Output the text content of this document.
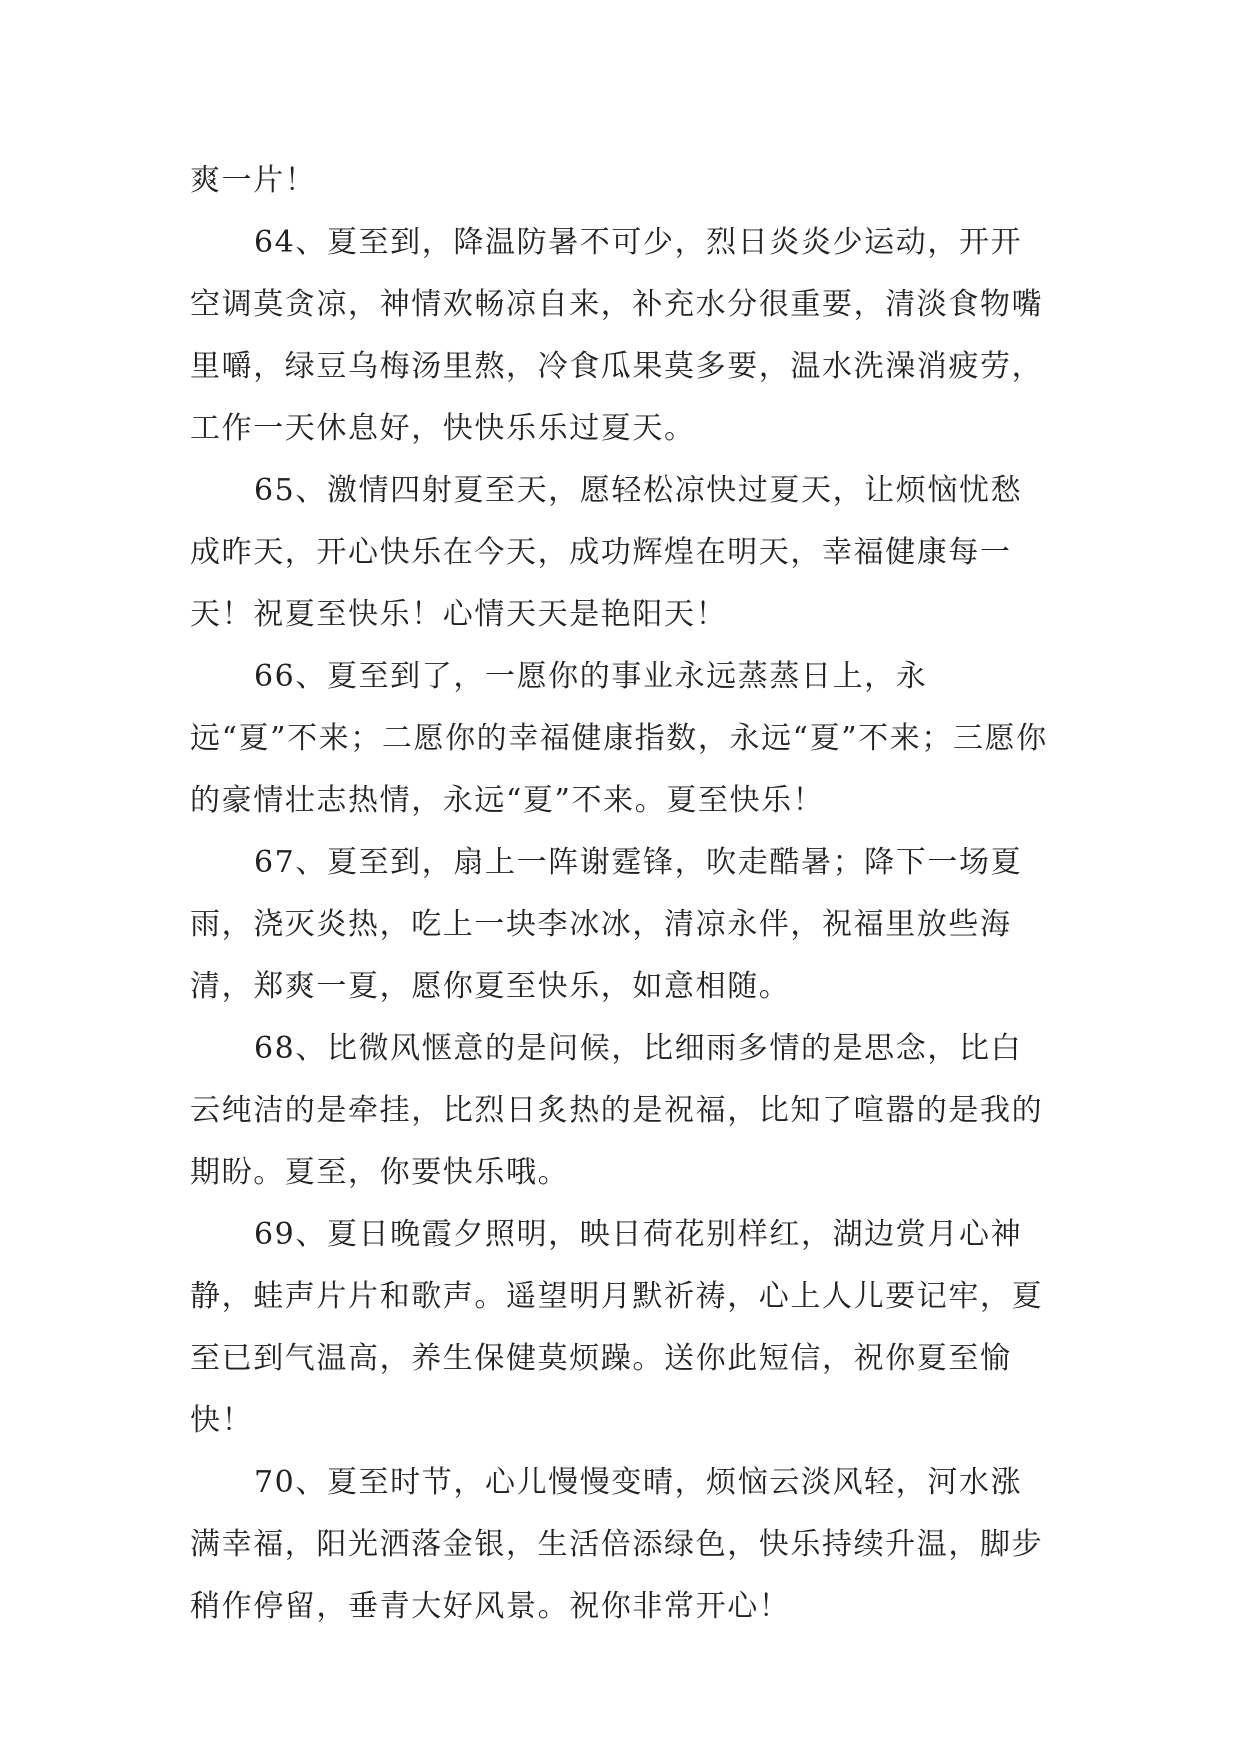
爽一片！

64、夏至到，降温防暑不可少，烈日炎炎少运动，开开空调莫贪凉，神情欢畅凉自来，补充水分很重要，清淡食物嘴里嚼，绿豆乌梅汤里熬，冷食瓜果莫多要，温水洗澡消疲劳，工作一天休息好，快快乐乐过夏天。

65、激情四射夏至天，愿轻松凉快过夏天，让烦恼忧愁成昨天，开心快乐在今天，成功辉煌在明天，幸福健康每一天！祝夏至快乐！心情天天是艳阳天！

66、夏至到了，一愿你的事业永远蒸蒸日上，永远“夏”不来；二愿你的幸福健康指数，永远“夏”不来；三愿你的豪情壮志热情，永远“夏”不来。夏至快乐！

67、夏至到，扇上一阵谢霆锋，吹走酷暑；降下一场夏雨，浇灭炎热，吃上一块李冰冰，清凉永伴，祝福里放些海清，郑爽一夏，愿你夏至快乐，如意相随。

68、比微风惬意的是问候，比细雨多情的是思念，比白云纯洁的是牵挂，比烈日炙热的是祝福，比知了喧嚣的是我的期盼。夏至，你要快乐哦。

69、夏日晚霞夕照明，映日荷花别样红，湖边赏月心神静，蛙声片片和歌声。遥望明月默祈祷，心上人儿要记牢，夏至已到气温高，养生保健莫烦躁。送你此短信，祝你夏至愉快！

70、夏至时节，心儿慢慢变晴，烦恼云淡风轻，河水涨满幸福，阳光洒落金银，生活倍添绿色，快乐持续升温，脚步稍作停留，垂青大好风景。祝你非常开心！
